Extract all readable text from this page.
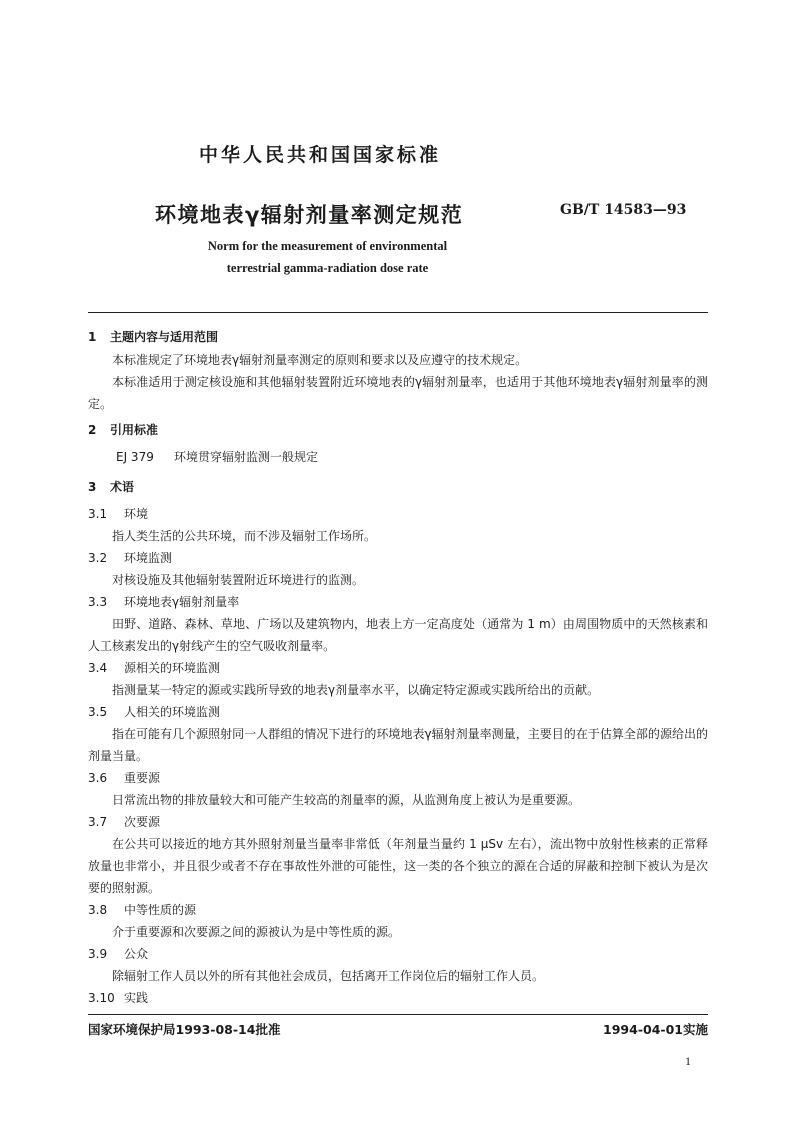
中华人民共和国国家标准
环境地表γ辐射剂量率测定规范	GB/T 14583—93
Norm for the measurement of environmental
terrestrial gamma-radiation dose rate
1 主题内容与适用范围

本标准规定了环境地表γ辐射剂量率测定的原则和要求以及应遵守的技术规定。

本标准适用于测定核设施和其他辐射装置附近环境地表的γ辐射剂量率，也适用于其他环境地表γ辐射剂量率的测定。

2 引用标准
EJ 379 环境贯穿辐射监测一般规定
3 术语
3.1 环境

指人类生活的公共环境，而不涉及辐射工作场所。

3.2 环境监测

对核设施及其他辐射装置附近环境进行的监测。

3.3 环境地表γ辐射剂量率

田野、道路、森林、草地、广场以及建筑物内，地表上方一定高度处（通常为 1 m）由周围物质中的天然核素和人工核素发出的γ射线产生的空气吸收剂量率。

3.4 源相关的环境监测

指测量某一特定的源或实践所导致的地表γ剂量率水平，以确定特定源或实践所给出的贡献。

3.5 人相关的环境监测

指在可能有几个源照射同一人群组的情况下进行的环境地表γ辐射剂量率测量，主要目的在于估算全部的源给出的剂量当量。

3.6 重要源

日常流出物的排放量较大和可能产生较高的剂量率的源，从监测角度上被认为是重要源。

3.7 次要源

在公共可以接近的地方其外照射剂量当量率非常低（年剂量当量约 1 μSv 左右），流出物中放射性核素的正常释放量也非常小，并且很少或者不存在事故性外泄的可能性，这一类的各个独立的源在合适的屏蔽和控制下被认为是次要的照射源。

3.8 中等性质的源

介于重要源和次要源之间的源被认为是中等性质的源。

3.9 公众

除辐射工作人员以外的所有其他社会成员，包括离开工作岗位后的辐射工作人员。

3.10 实践
国家环境保护局1993-08-14批准	1994-04-01实施
1
